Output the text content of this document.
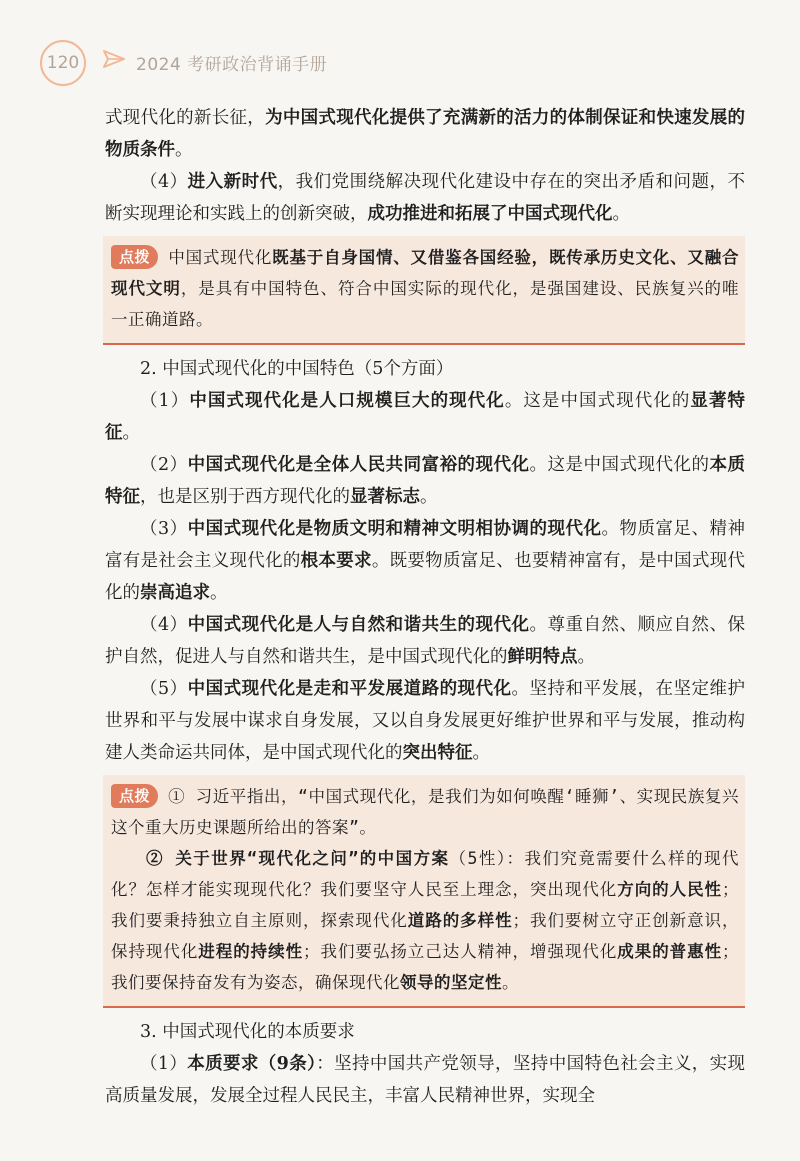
120	2024 考研政治背诵手册

式现代化的新长征，为中国式现代化提供了充满新的活力的体制保证和快速发展的物质条件。

（4）进入新时代，我们党围绕解决现代化建设中存在的突出矛盾和问题，不断实现理论和实践上的创新突破，成功推进和拓展了中国式现代化。

点拨 中国式现代化既基于自身国情、又借鉴各国经验，既传承历史文化、又融合现代文明，是具有中国特色、符合中国实际的现代化，是强国建设、民族复兴的唯一正确道路。

2. 中国式现代化的中国特色（5个方面）

（1）中国式现代化是人口规模巨大的现代化。这是中国式现代化的显著特征。

（2）中国式现代化是全体人民共同富裕的现代化。这是中国式现代化的本质特征，也是区别于西方现代化的显著标志。

（3）中国式现代化是物质文明和精神文明相协调的现代化。物质富足、精神富有是社会主义现代化的根本要求。既要物质富足、也要精神富有，是中国式现代化的崇高追求。

（4）中国式现代化是人与自然和谐共生的现代化。尊重自然、顺应自然、保护自然，促进人与自然和谐共生，是中国式现代化的鲜明特点。

（5）中国式现代化是走和平发展道路的现代化。坚持和平发展，在坚定维护世界和平与发展中谋求自身发展，又以自身发展更好维护世界和平与发展，推动构建人类命运共同体，是中国式现代化的突出特征。

点拨 ① 习近平指出，“中国式现代化，是我们为如何唤醒‘睡狮’、实现民族复兴这个重大历史课题所给出的答案”。

② 关于世界“现代化之问”的中国方案（5性）：我们究竟需要什么样的现代化？怎样才能实现现代化？我们要坚守人民至上理念，突出现代化方向的人民性；我们要秉持独立自主原则，探索现代化道路的多样性；我们要树立守正创新意识，保持现代化进程的持续性；我们要弘扬立己达人精神，增强现代化成果的普惠性；我们要保持奋发有为姿态，确保现代化领导的坚定性。

3. 中国式现代化的本质要求

（1）本质要求（9条）：坚持中国共产党领导，坚持中国特色社会主义，实现高质量发展，发展全过程人民民主，丰富人民精神世界，实现全
